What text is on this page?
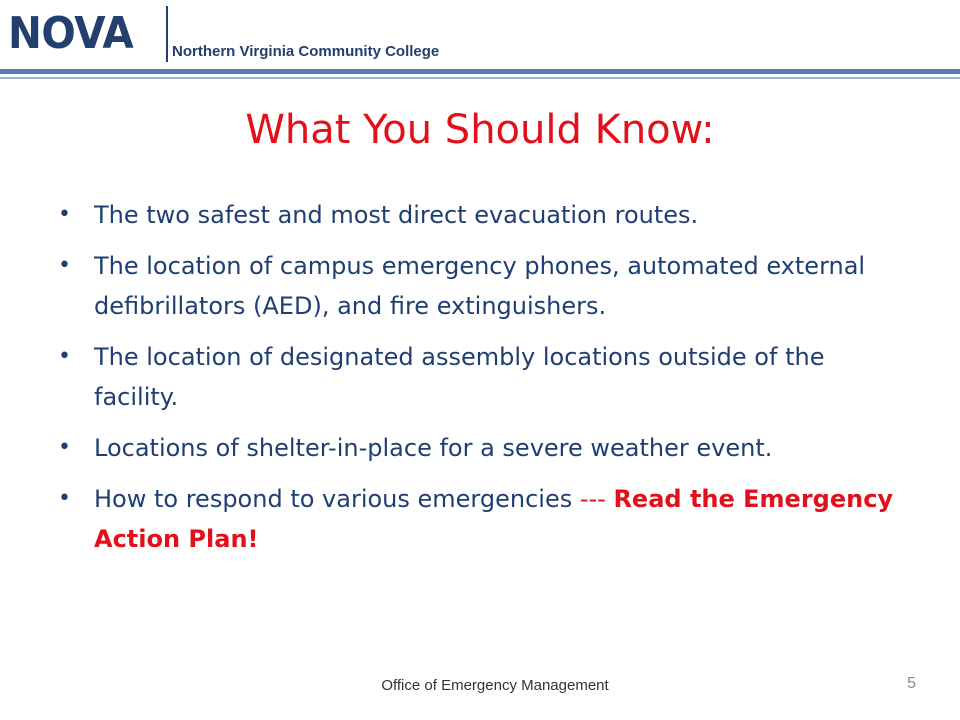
NOVA	Northern Virginia Community College
What You Should Know:
• The two safest and most direct evacuation routes.
• The location of campus emergency phones, automated external defibrillators (AED), and fire extinguishers.
• The location of designated assembly locations outside of the facility.
• Locations of shelter-in-place for a severe weather event.
• How to respond to various emergencies --- Read the Emergency Action Plan!
Office of Emergency Management	5
